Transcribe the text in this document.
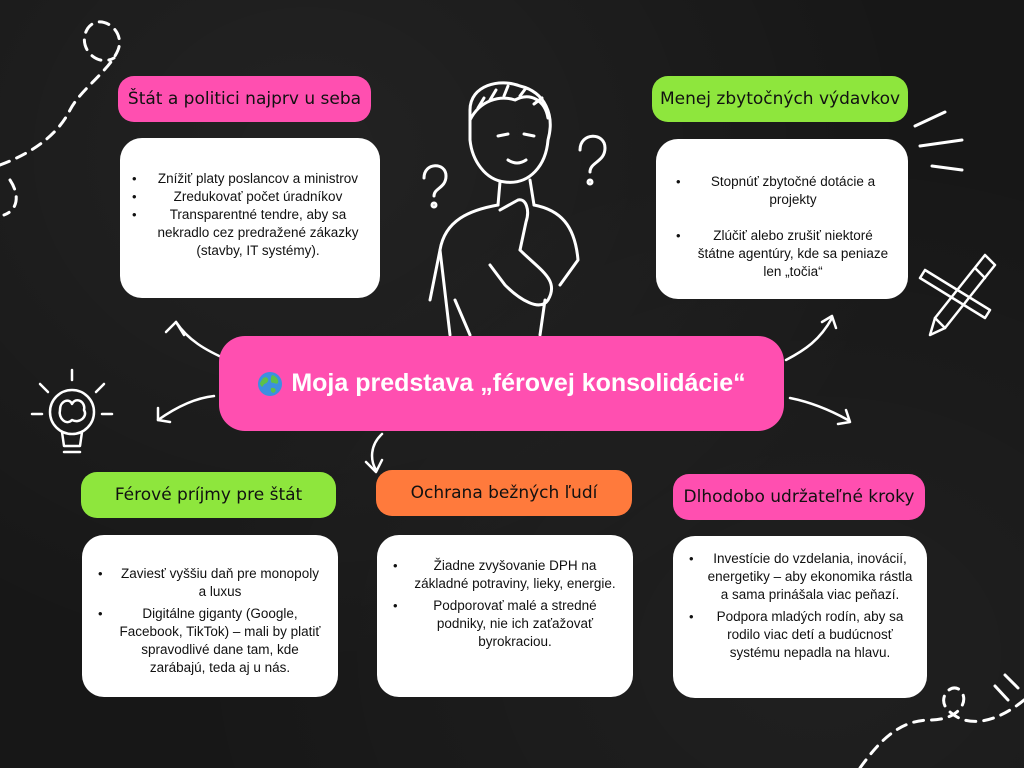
Štát a politici najprv u seba
• Znížiť platy poslancov a ministrov
• Zredukovať počet úradníkov
• Transparentné tendre, aby sa nekradlo cez predražené zákazky (stavby, IT systémy).
Menej zbytočných výdavkov
• Stopnúť zbytočné dotácie a projekty
• Zlúčiť alebo zrušiť niektoré štátne agentúry, kde sa peniaze len „točia“
Moja predstava „férovej konsolidácie“
Férové príjmy pre štát
• Zaviesť vyššiu daň pre monopoly a luxus
• Digitálne giganty (Google, Facebook, TikTok) – mali by platiť spravodlivé dane tam, kde zarábajú, teda aj u nás.
Ochrana bežných ľudí
• Žiadne zvyšovanie DPH na základné potraviny, lieky, energie.
• Podporovať malé a stredné podniky, nie ich zaťažovať byrokraciou.
Dlhodobo udržateľné kroky
• Investície do vzdelania, inovácií, energetiky – aby ekonomika rástla a sama prinášala viac peňazí.
• Podpora mladých rodín, aby sa rodilo viac detí a budúcnosť systému nepadla na hlavu.
